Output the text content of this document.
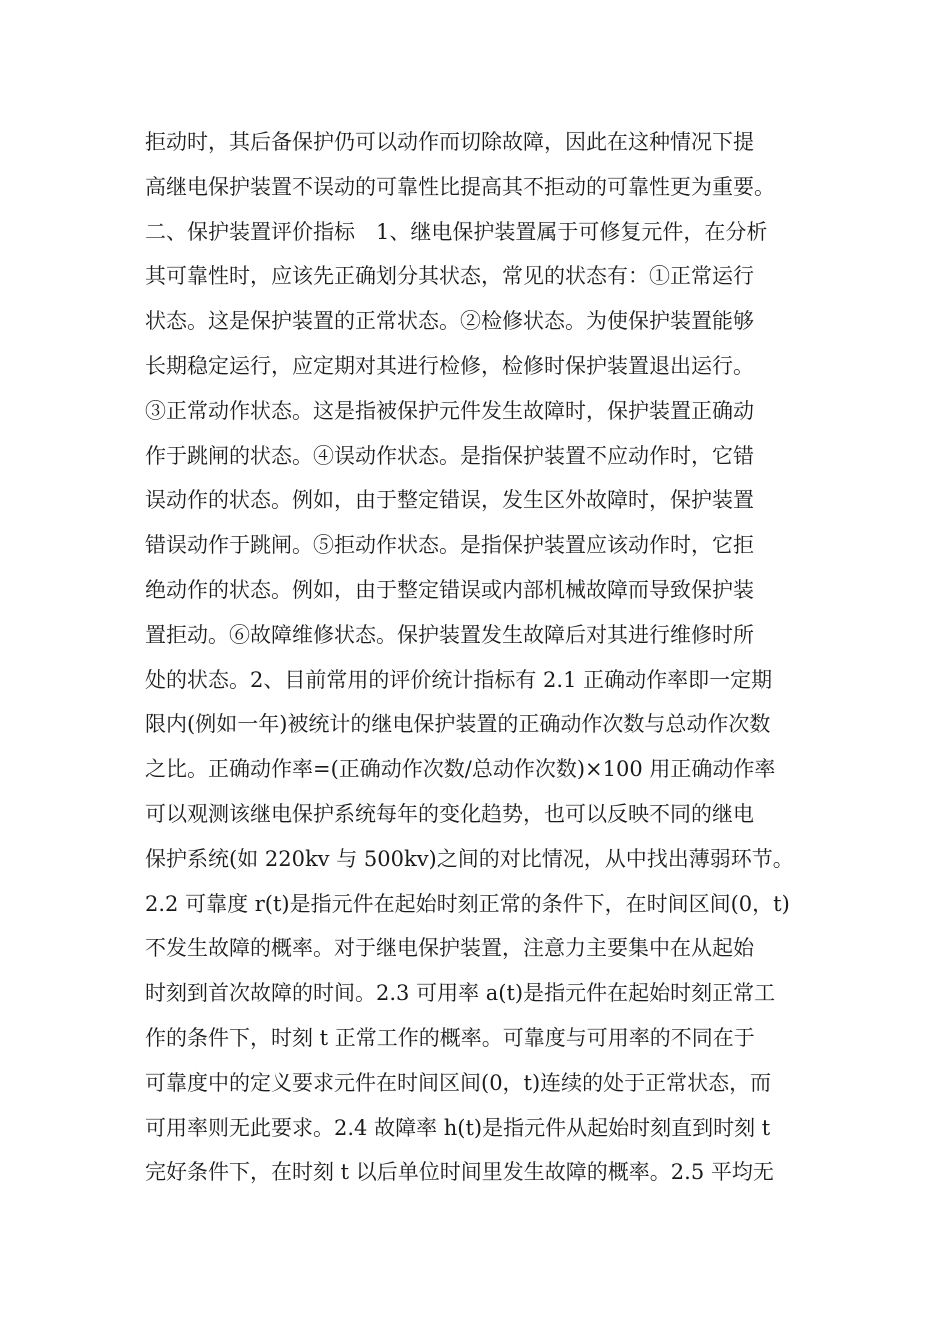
拒动时，其后备保护仍可以动作而切除故障，因此在这种情况下提
高继电保护装置不误动的可靠性比提高其不拒动的可靠性更为重要。
二、保护装置评价指标　1、继电保护装置属于可修复元件，在分析
其可靠性时，应该先正确划分其状态，常见的状态有：①正常运行
状态。这是保护装置的正常状态。②检修状态。为使保护装置能够
长期稳定运行，应定期对其进行检修，检修时保护装置退出运行。
③正常动作状态。这是指被保护元件发生故障时，保护装置正确动
作于跳闸的状态。④误动作状态。是指保护装置不应动作时，它错
误动作的状态。例如，由于整定错误，发生区外故障时，保护装置
错误动作于跳闸。⑤拒动作状态。是指保护装置应该动作时，它拒
绝动作的状态。例如，由于整定错误或内部机械故障而导致保护装
置拒动。⑥故障维修状态。保护装置发生故障后对其进行维修时所
处的状态。2、目前常用的评价统计指标有 2.1 正确动作率即一定期
限内(例如一年)被统计的继电保护装置的正确动作次数与总动作次数
之比。正确动作率=(正确动作次数/总动作次数)×100 用正确动作率
可以观测该继电保护系统每年的变化趋势，也可以反映不同的继电
保护系统(如 220kv 与 500kv)之间的对比情况，从中找出薄弱环节。
2.2 可靠度 r(t)是指元件在起始时刻正常的条件下，在时间区间(0，t)
不发生故障的概率。对于继电保护装置，注意力主要集中在从起始
时刻到首次故障的时间。2.3 可用率 a(t)是指元件在起始时刻正常工
作的条件下，时刻 t 正常工作的概率。可靠度与可用率的不同在于
可靠度中的定义要求元件在时间区间(0，t)连续的处于正常状态，而
可用率则无此要求。2.4 故障率 h(t)是指元件从起始时刻直到时刻 t
完好条件下，在时刻 t 以后单位时间里发生故障的概率。2.5 平均无
